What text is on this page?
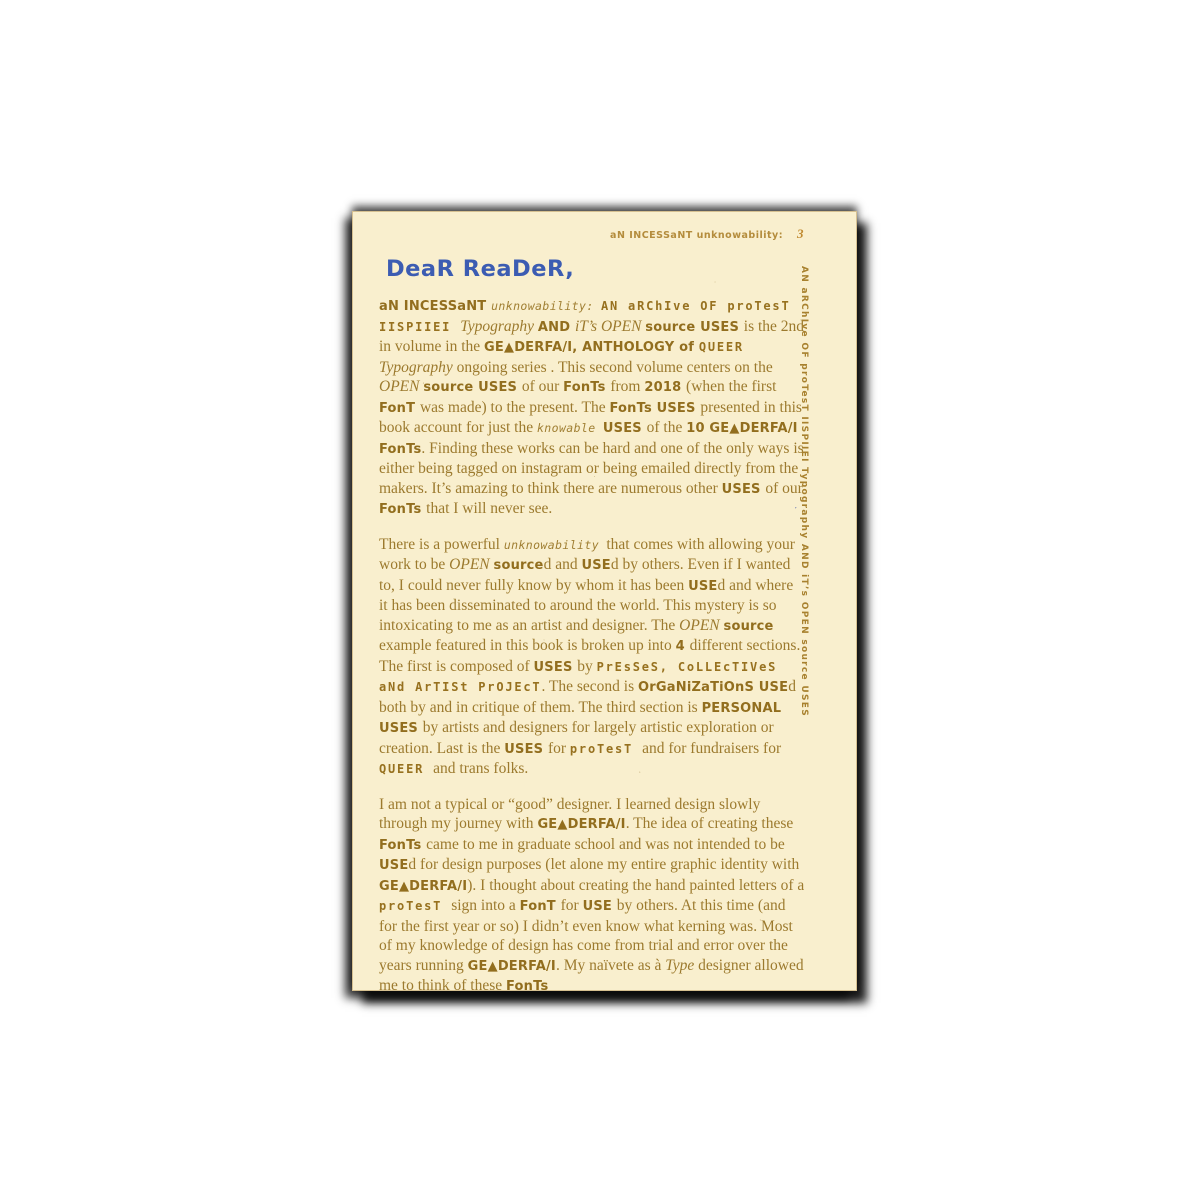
aN INCESSaNT unknowability: 3
DeaR ReaDeR,

aN INCESSaNT unknowability: AN aRChIve OF proTesT IISPIIEI Typography AND iT’s OPEN source USES is the 2nd in volume in the GE▲DERFA/I, ANTHOLOGY of QUEER Typography ongoing series . This second volume centers on the OPEN source USES of our FonTs from 2018 (when the first FonT was made) to the present. The FonTs USES presented in this book account for just the knowable USES of the 10 GE▲DERFA/I FonTs. Finding these works can be hard and one of the only ways is either being tagged on instagram or being emailed directly from the makers. It’s amazing to think there are numerous other USES of our FonTs that I will never see.

There is a powerful unknowability that comes with allowing your work to be OPEN sourced and USEd by others. Even if I wanted to, I could never fully know by whom it has been USEd and where it has been disseminated to around the world. This mystery is so intoxicating to me as an artist and designer. The OPEN source example featured in this book is broken up into 4 different sections. The first is composed of USES by PrEsSeS, CoLLEcTIVeS aNd ArTISt PrOJEcT. The second is OrGaNiZaTiOnS USEd both by and in critique of them. The third section is PERSONAL USES by artists and designers for largely artistic exploration or creation. Last is the USES for proTesT and for fundraisers for QUEER and trans folks.

I am not a typical or “good” designer. I learned design slowly through my journey with GE▲DERFA/I. The idea of creating these FonTs came to me in graduate school and was not intended to be USEd for design purposes (let alone my entire graphic identity with GE▲DERFA/I). I thought about creating the hand painted letters of a proTesT sign into a FonT for USE by others. At this time (and for the first year or so) I didn’t even know what kerning was. Most of my knowledge of design has come from trial and error over the years running GE▲DERFA/I. My naïvete as à Type designer allowed me to think of these FonTs

AN aRChIve OF proTesT IISPIIEI Typography AND iT’s OPEN source USES
